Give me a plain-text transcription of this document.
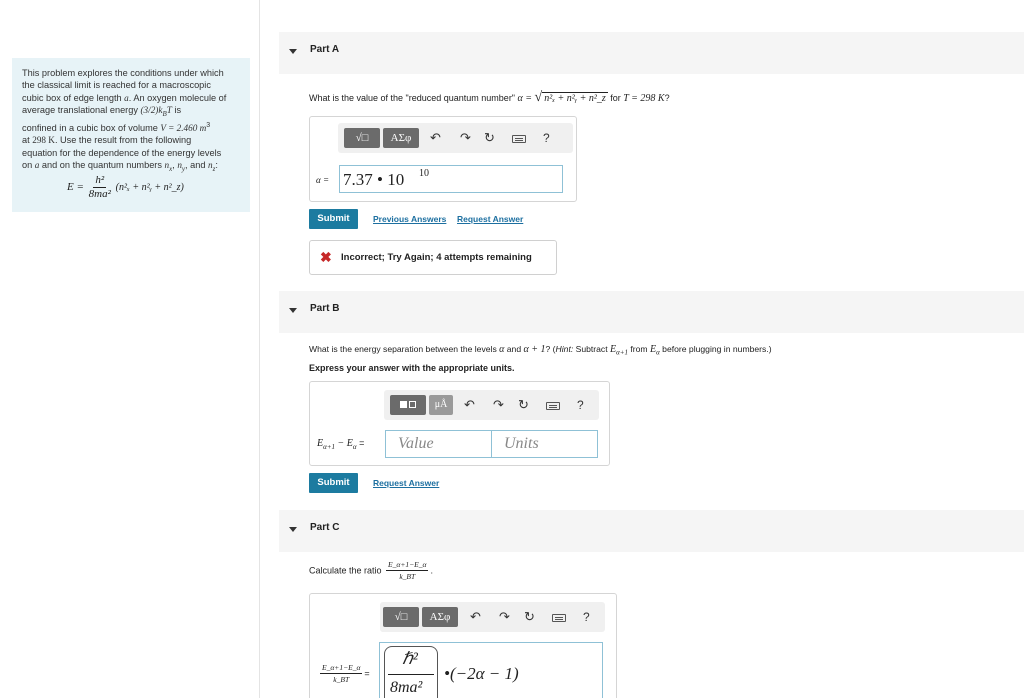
This problem explores the conditions under which
the classical limit is reached for a macroscopic
cubic box of edge length a. An oxygen molecule of
average translational energy $(3/2)k_BT$ is
confined in a cubic box of volume V = 2.460 $m^3$
at 298 K. Use the result from the following
equation for the dependence of the energy levels
on a and on the quantum numbers $n_x$, $n_y$, and $n_z$:
$E = \frac{\text{h²}}{\text{8ma²}} (n^2_x$ + n²ᵧ + n²_z)
Part A
What is the value of the "reduced quantum number" α = √ n²ₓ + n²ᵧ + n²_z for T = 298 K?
√□	ΑΣφ	↶ ↷ ↻	?
α = 7.37 • 10 10
Submit	Previous Answers Request Answer
✖ Incorrect; Try Again; 4 attempts remaining
Part B
What is the energy separation between the levels α and α + 1? (Hint: Subtract $E_{\alpha+1}$ from $E_\alpha$ before plugging in numbers.)
Express your answer with the appropriate units.
μÅ	↶ ↷ ↻	?
$E_{\alpha+1} - E_\alpha$ = Value	Units
Submit	Request Answer
Part C
Calculate the ratio $\frac{E\_\alpha+1-E\_\alpha}{k\_BT}$ .
√□	ΑΣφ	↶ ↷ ↻	?
$\frac{E\_\alpha+1-E\_\alpha}{k\_BT}$ =
ℏ²
8ma²
•(−2α − 1)
